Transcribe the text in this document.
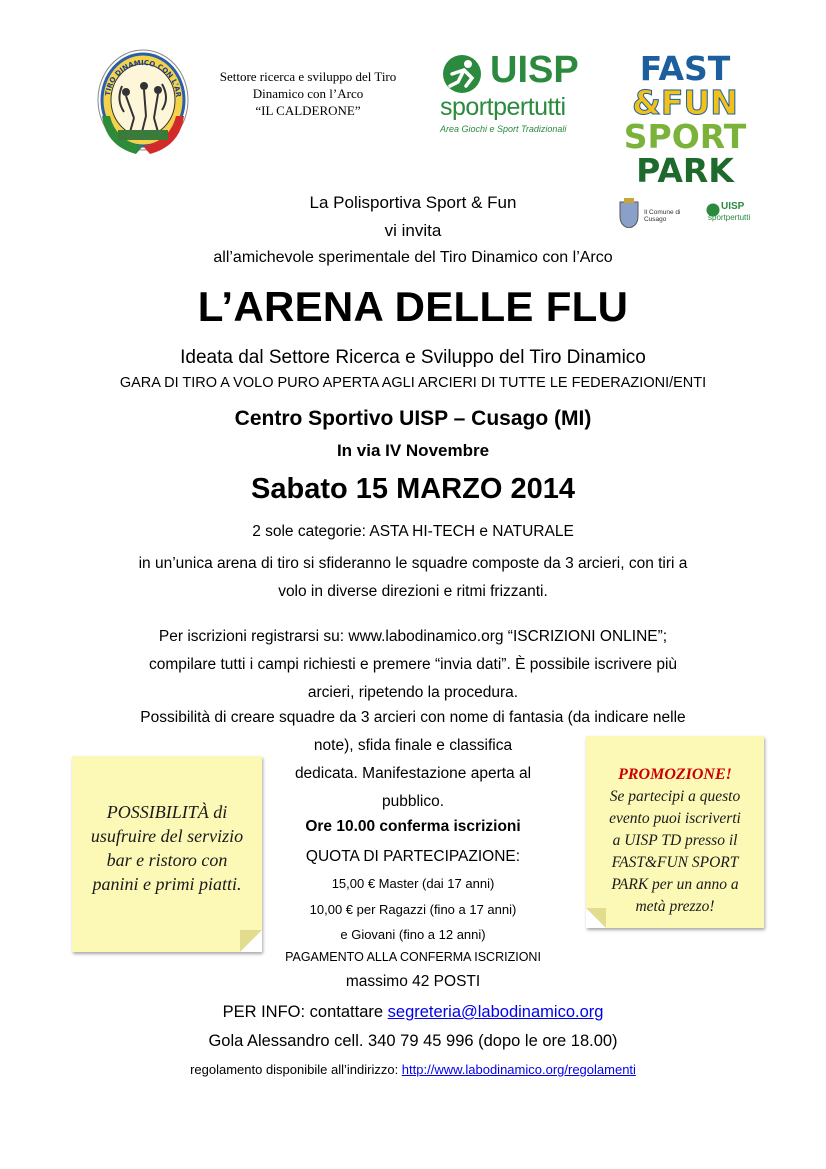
TIRO DINAMICO CON L'AR
Settore ricerca e sviluppo del Tiro
Dinamico con l’Arco
“IL CALDERONE”
UISP
sportpertutti
Area Giochi e Sport Tradizionali
FAST
&FUN
SPORT
PARK
Il Comune di Cusago
UISP
sportpertutti
La Polisportiva Sport & Fun
vi invita
all’amichevole sperimentale del Tiro Dinamico con l’Arco
L’ARENA DELLE FLU
Ideata dal Settore Ricerca e Sviluppo del Tiro Dinamico
GARA DI TIRO A VOLO PURO APERTA AGLI ARCIERI DI TUTTE LE FEDERAZIONI/ENTI
Centro Sportivo UISP – Cusago (MI)
In via IV Novembre
Sabato 15 MARZO 2014
2 sole categorie: ASTA HI-TECH e NATURALE
in un’unica arena di tiro si sfideranno le squadre composte da 3 arcieri, con tiri a
volo in diverse direzioni e ritmi frizzanti.
Per iscrizioni registrarsi su: www.labodinamico.org “ISCRIZIONI ONLINE”;
compilare tutti i campi richiesti e premere “invia dati”. È possibile iscrivere più
arcieri, ripetendo la procedura.
Possibilità di creare squadre da 3 arcieri con nome di fantasia (da indicare nelle
note), sfida finale e classifica
dedicata. Manifestazione aperta al
pubblico.
Ore 10.00 conferma iscrizioni
QUOTA DI PARTECIPAZIONE:
15,00 € Master (dai 17 anni)
10,00 € per Ragazzi (fino a 17 anni)
e Giovani (fino a 12 anni)
PAGAMENTO ALLA CONFERMA ISCRIZIONI
massimo 42 POSTI
POSSIBILITÀ di
usufruire del servizio
bar e ristoro con
panini e primi piatti.
PROMOZIONE!
Se partecipi a questo
evento puoi iscriverti
a UISP TD presso il
FAST&FUN SPORT
PARK per un anno a
metà prezzo!
PER INFO: contattare segreteria@labodinamico.org
Gola Alessandro cell. 340 79 45 996 (dopo le ore 18.00)
regolamento disponibile all’indirizzo: http://www.labodinamico.org/regolamenti
